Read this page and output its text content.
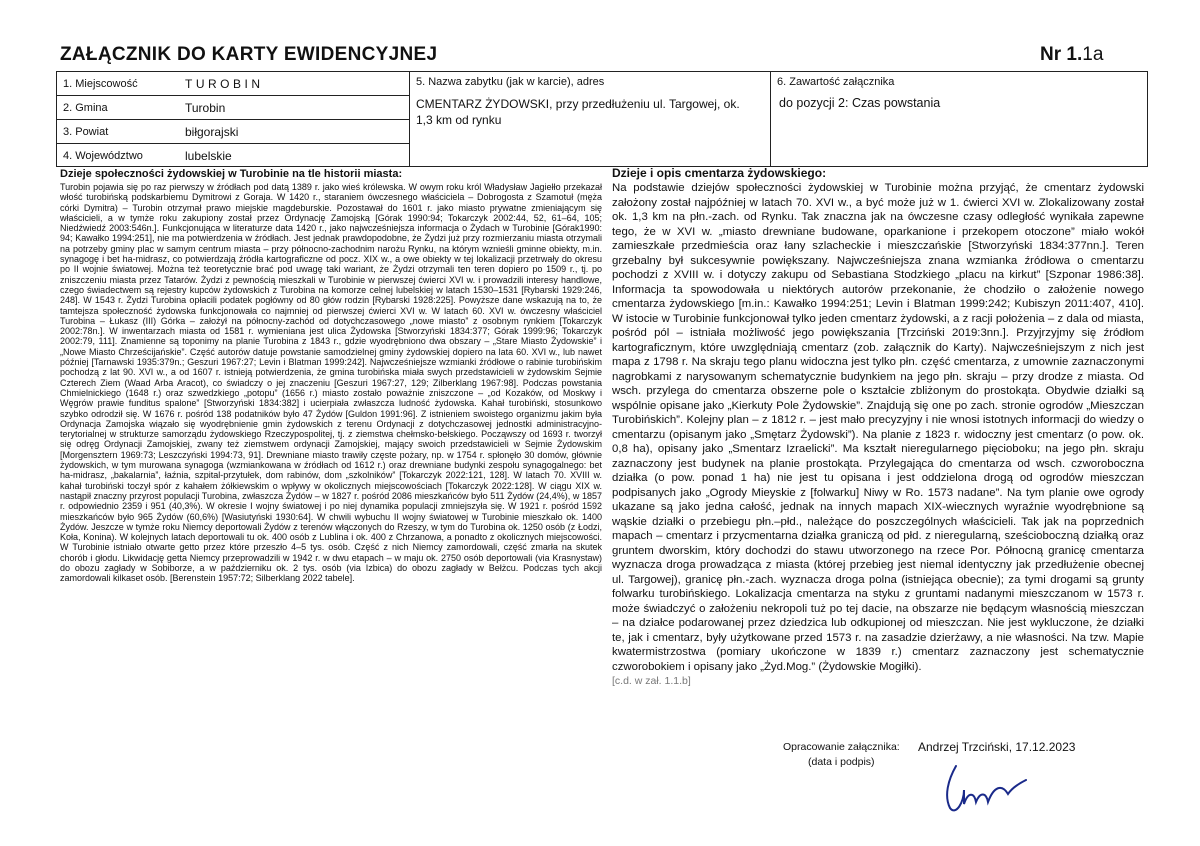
ZAŁĄCZNIK DO KARTY EWIDENCYJNEJ	Nr 1.1a
1. Miejscowość	TUROBIN
2. Gmina	Turobin
3. Powiat	biłgorajski
4. Województwo	lubelskie
5. Nazwa zabytku (jak w karcie), adres
CMENTARZ ŻYDOWSKI, przy przedłużeniu ul. Targowej, ok. 1,3 km od rynku
6. Zawartość załącznika
do pozycji 2: Czas powstania
Dzieje społeczności żydowskiej w Turobinie na tle historii miasta:
Turobin pojawia się po raz pierwszy w źródłach pod datą 1389 r. jako wieś królewska. W owym roku król Władysław Jagiełło przekazał włość turobińską podskarbiemu Dymitrowi z Goraja. W 1420 r., staraniem ówczesnego właściciela – Dobrogosta z Szamotuł (męża córki Dymitra) – Turobin otrzymał prawo miejskie magdeburskie. Pozostawał do 1601 r. jako miasto prywatne zmieniającym się właścicieli, a w tymże roku zakupiony został przez Ordynację Zamojską [Górak 1990:94; Tokarczyk 2002:44, 52, 61–64, 105; Niedźwiedź 2003:546n.]. Funkcjonująca w literaturze data 1420 r., jako najwcześniejsza informacja o Żydach w Turobinie [Górak1990: 94; Kawałko 1994:251], nie ma potwierdzenia w źródłach. Jest jednak prawdopodobne, że Żydzi już przy rozmierzaniu miasta otrzymali na potrzeby gminy plac w samym centrum miasta – przy północno-zachodnim narożu Rynku, na którym wznieśli gminne obiekty, m.in. synagogę i bet ha-midrasz, co potwierdzają źródła kartograficzne od pocz. XIX w., a owe obiekty w tej lokalizacji przetrwały do okresu po II wojnie światowej. Można też teoretycznie brać pod uwagę taki wariant, że Żydzi otrzymali ten teren dopiero po 1509 r., tj. po zniszczeniu miasta przez Tatarów. Żydzi z pewnością mieszkali w Turobinie w pierwszej ćwierci XVI w. i prowadzili interesy handlowe, czego świadectwem są rejestry kupców żydowskich z Turobina na komorze celnej lubelskiej w latach 1530–1531 [Rybarski 1929:246, 248]. W 1543 r. Żydzi Turobina opłacili podatek pogłówny od 80 głów rodzin [Rybarski 1928:225]. Powyższe dane wskazują na to, że tamtejsza społeczność żydowska funkcjonowała co najmniej od pierwszej ćwierci XVI w. W latach 60. XVI w. ówczesny właściciel Turobina – Łukasz (III) Górka – założył na północny-zachód od dotychczasowego „nowe miasto” z osobnym rynkiem [Tokarczyk 2002:78n.]. W inwentarzach miasta od 1581 r. wymieniana jest ulica Żydowska [Stworzyński 1834:377; Górak 1999:96; Tokarczyk 2002:79, 111]. Znamienne są toponimy na planie Turobina z 1843 r., gdzie wyodrębniono dwa obszary – „Stare Miasto Żydowskie” i „Nowe Miasto Chrześcijańskie”. Część autorów datuje powstanie samodzielnej gminy żydowskiej dopiero na lata 60. XVI w., lub nawet później [Tarnawski 1935:379n.; Geszuri 1967:27; Levin i Blatman 1999:242]. Najwcześniejsze wzmianki źródłowe o rabinie turobińskim pochodzą z lat 90. XVI w., a od 1607 r. istnieją potwierdzenia, że gmina turobińska miała swych przedstawicieli w żydowskim Sejmie Czterech Ziem (Waad Arba Aracot), co świadczy o jej znaczeniu [Geszuri 1967:27, 129; Zilberklang 1967:98]. Podczas powstania Chmielnickiego (1648 r.) oraz szwedzkiego „potopu” (1656 r.) miasto zostało poważnie zniszczone – „od Kozaków, od Moskwy i Węgrów prawie funditus spalone” [Stworzyński 1834:382] i ucierpiała zwłaszcza ludność żydowska. Kahał turobiński, stosunkowo szybko odrodził się. W 1676 r. pośród 138 podatników było 47 Żydów [Guldon 1991:96]. Z istnieniem swoistego organizmu jakim była Ordynacja Zamojska wiązało się wyodrębnienie gmin żydowskich z terenu Ordynacji z dotychczasowej jednostki administracyjno-terytorialnej w strukturze samorządu żydowskiego Rzeczypospolitej, tj. z ziemstwa chełmsko-bełskiego. Począwszy od 1693 r. tworzył się odręg Ordynacji Zamojskiej, zwany też ziemstwem ordynacji Zamojskiej, mający swoich przedstawicieli w Sejmie Żydowskim [Morgensztern 1969:73; Leszczyński 1994:73, 91]. Drewniane miasto trawiły częste pożary, np. w 1754 r. spłonęło 30 domów, głównie żydowskich, w tym murowana synagoga (wzmiankowana w źródłach od 1612 r.) oraz drewniane budynki zespołu synagogalnego: bet ha-midrasz, „bakalarnia”, łaźnia, szpital-przytułek, dom rabinów, dom „szkolników” [Tokarczyk 2022:121, 128]. W latach 70. XVIII w. kahał turobiński toczył spór z kahałem żółkiewskim o wpływy w okolicznych miejscowościach [Tokarczyk 2022:128]. W ciągu XIX w. nastąpił znaczny przyrost populacji Turobina, zwłaszcza Żydów – w 1827 r. pośród 2086 mieszkańców było 511 Żydów (24,4%), w 1857 r. odpowiednio 2359 i 951 (40,3%). W okresie I wojny światowej i po niej dynamika populacji zmniejszyła się. W 1921 r. pośród 1592 mieszkańców było 965 Żydów (60,6%) [Wasiutyński 1930:64]. W chwili wybuchu II wojny światowej w Turobinie mieszkało ok. 1400 Żydów. Jeszcze w tymże roku Niemcy deportowali Żydów z terenów włączonych do Rzeszy, w tym do Turobina ok. 1250 osób (z Łodzi, Koła, Konina). W kolejnych latach deportowali tu ok. 400 osób z Lublina i ok. 400 z Chrzanowa, a ponadto z okolicznych miejscowości. W Turobinie istniało otwarte getto przez które przeszło 4–5 tys. osób. Część z nich Niemcy zamordowali, część zmarła na skutek chorób i głodu. Likwidację getta Niemcy przeprowadzili w 1942 r. w dwu etapach – w maju ok. 2750 osób deportowali (via Krasnystaw) do obozu zagłady w Sobiborze, a w październiku ok. 2 tys. osób (via Izbica) do obozu zagłady w Bełżcu. Podczas tych akcji zamordowali kilkaset osób. [Berenstein 1957:72; Silberklang 2022 tabele].
Dzieje i opis cmentarza żydowskiego:
Na podstawie dziejów społeczności żydowskiej w Turobinie można przyjąć, że cmentarz żydowski założony został najpóźniej w latach 70. XVI w., a być może już w 1. ćwierci XVI w. Zlokalizowany został ok. 1,3 km na płn.-zach. od Rynku. Tak znaczna jak na ówczesne czasy odległość wynikała zapewne tego, że w XVI w. „miasto drewniane budowane, oparkanione i przekopem otoczone” miało wokół zamieszkałe przedmieścia oraz łany szlacheckie i mieszczańskie [Stworzyński 1834:377nn.]. Teren grzebalny był sukcesywnie powiększany. Najwcześniejsza znana wzmianka źródłowa o cmentarzu pochodzi z XVIII w. i dotyczy zakupu od Sebastiana Stodzkiego „placu na kirkut” [Szponar 1986:38]. Informacja ta spowodowała u niektórych autorów przekonanie, że chodziło o założenie nowego cmentarza żydowskiego [m.in.: Kawałko 1994:251; Levin i Blatman 1999:242; Kubiszyn 2011:407, 410]. W istocie w Turobinie funkcjonował tylko jeden cmentarz żydowski, a z racji położenia – z dala od miasta, pośród pól – istniała możliwość jego powiększania [Trzciński 2019:3nn.]. Przyjrzyjmy się źródłom kartograficznym, które uwzględniają cmentarz (zob. załącznik do Karty). Najwcześniejszym z nich jest mapa z 1798 r. Na skraju tego planu widoczna jest tylko płn. część cmentarza, z umownie zaznaczonymi nagrobkami z narysowanym schematycznie budynkiem na jego płn. skraju – przy drodze z miasta. Od wsch. przylega do cmentarza obszerne pole o kształcie zbliżonym do prostokąta. Obydwie działki są wspólnie opisane jako „Kierkuty Pole Żydowskie”. Znajdują się one po zach. stronie ogrodów „Mieszczan Turobińskich”. Kolejny plan – z 1812 r. – jest mało precyzyjny i nie wnosi istotnych informacji do wiedzy o cmentarzu (opisanym jako „Smętarz Żydowski”). Na planie z 1823 r. widoczny jest cmentarz (o pow. ok. 0,8 ha), opisany jako „Smentarz Izraelicki”. Ma kształt nieregularnego pięcioboku; na jego płn. skraju zaznaczony jest budynek na planie prostokąta. Przylegająca do cmentarza od wsch. czworoboczna działka (o pow. ponad 1 ha) nie jest tu opisana i jest oddzielona drogą od ogrodów mieszczan podpisanych jako „Ogrody Mieyskie z [folwarku] Niwy w Ro. 1573 nadane”. Na tym planie owe ogrody ukazane są jako jedna całość, jednak na innych mapach XIX-wiecznych wyraźnie wyodrębnione są wąskie działki o przebiegu płn.–płd., należące do poszczególnych właścicieli. Tak jak na poprzednich mapach – cmentarz i przycmentarna działka graniczą od płd. z nieregularną, sześcioboczną działką oraz gruntem dworskim, który dochodzi do stawu utworzonego na rzece Por. Północną granicę cmentarza wyznacza droga prowadząca z miasta (której przebieg jest niemal identyczny jak przedłużenie obecnej ul. Targowej), granicę płn.-zach. wyznacza droga polna (istniejąca obecnie); za tymi drogami są grunty folwarku turobińskiego. Lokalizacja cmentarza na styku z gruntami nadanymi mieszczanom w 1573 r. może świadczyć o założeniu nekropoli tuż po tej dacie, na obszarze nie będącym własnością mieszczan – na działce podarowanej przez dziedzica lub odkupionej od mieszczan. Nie jest wykluczone, że działki te, jak i cmentarz, były użytkowane przed 1573 r. na zasadzie dzierżawy, a nie własności. Na tzw. Mapie kwatermistrzostwa (pomiary ukończone w 1839 r.) cmentarz zaznaczony jest schematycznie czworobokiem i opisany jako „Żyd.Mog.” (Żydowskie Mogiłki).
[c.d. w zał. 1.1.b]
Opracowanie załącznika:
(data i podpis)
Andrzej Trzciński, 17.12.2023
